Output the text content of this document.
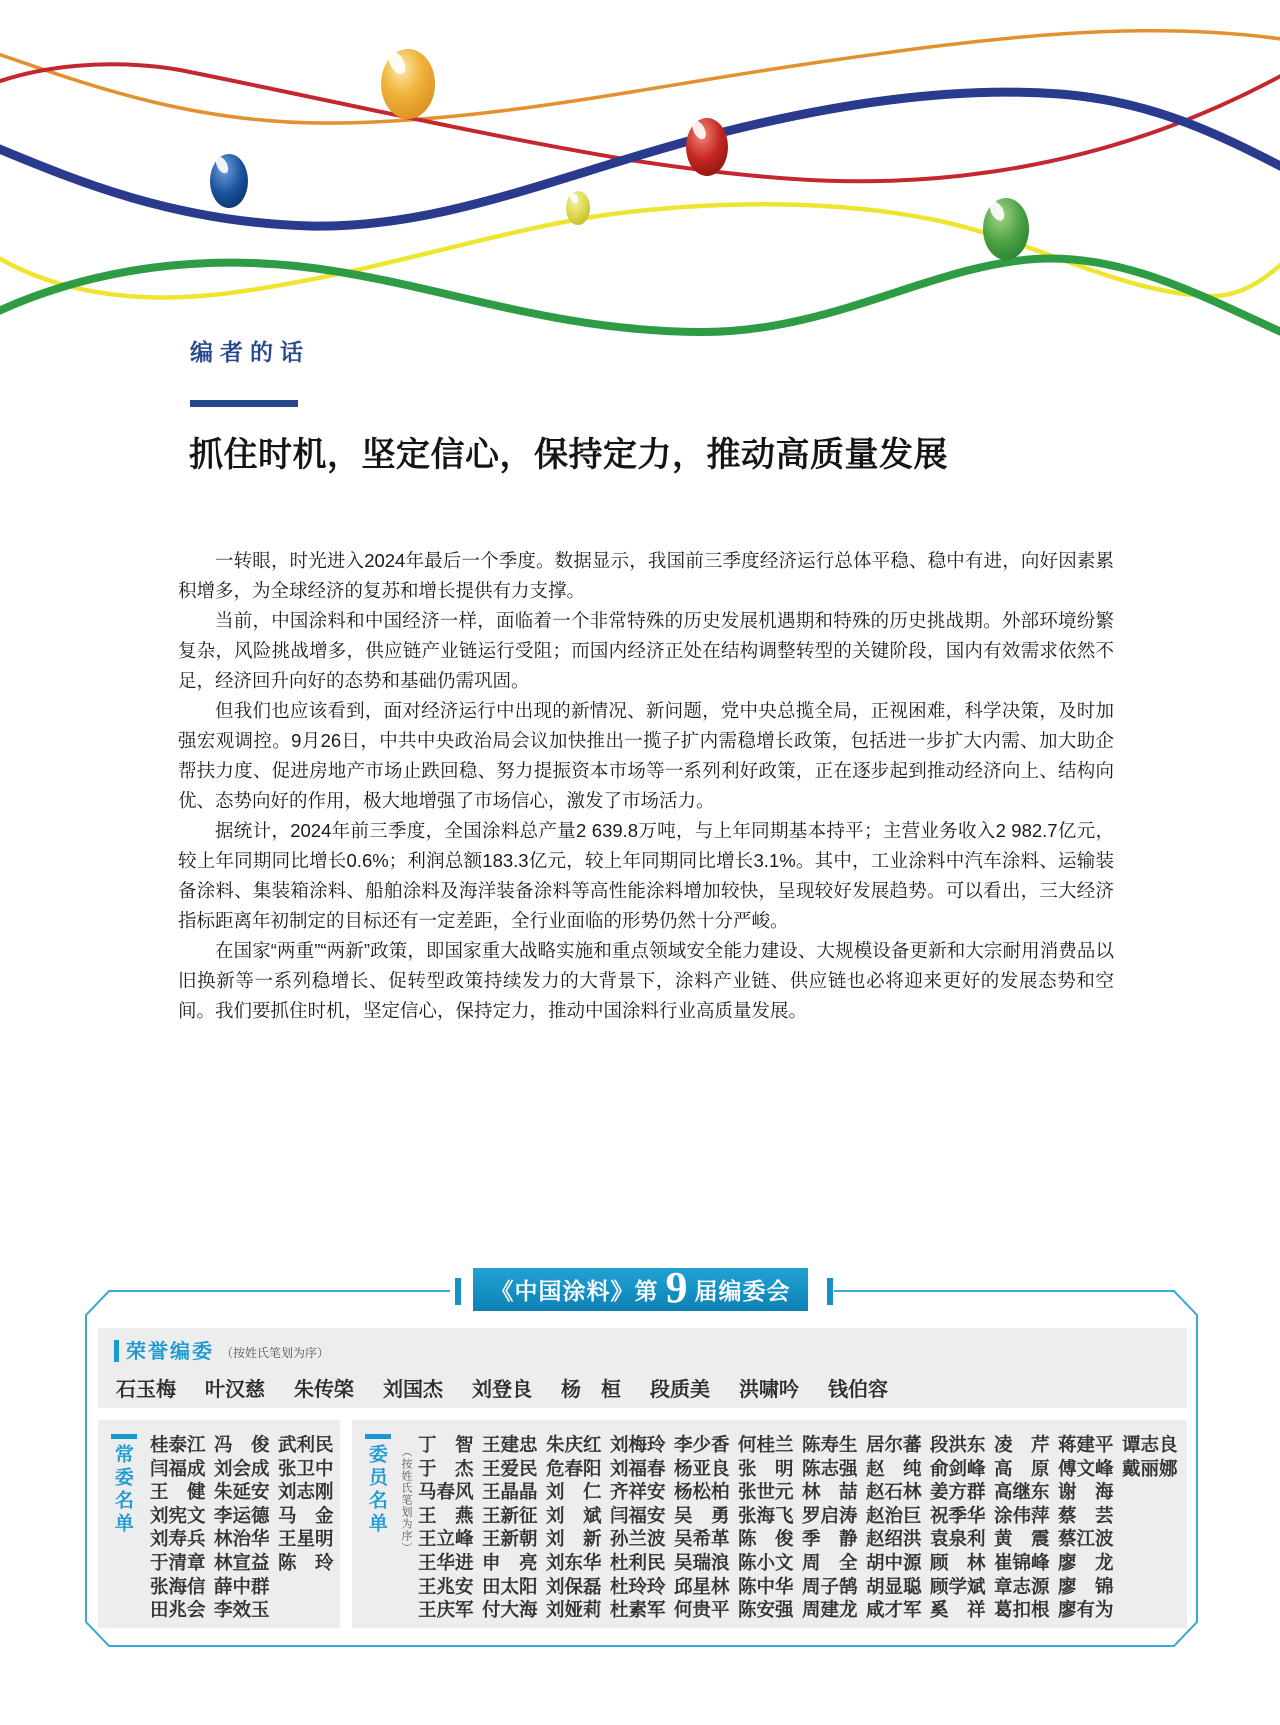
编者的话
抓住时机，坚定信心，保持定力，推动高质量发展

一转眼，时光进入2024年最后一个季度。数据显示，我国前三季度经济运行总体平稳、稳中有进，向好因素累积增多，为全球经济的复苏和增长提供有力支撑。

当前，中国涂料和中国经济一样，面临着一个非常特殊的历史发展机遇期和特殊的历史挑战期。外部环境纷繁复杂，风险挑战增多，供应链产业链运行受阻；而国内经济正处在结构调整转型的关键阶段，国内有效需求依然不足，经济回升向好的态势和基础仍需巩固。

但我们也应该看到，面对经济运行中出现的新情况、新问题，党中央总揽全局，正视困难，科学决策，及时加强宏观调控。9月26日，中共中央政治局会议加快推出一揽子扩内需稳增长政策，包括进一步扩大内需、加大助企帮扶力度、促进房地产市场止跌回稳、努力提振资本市场等一系列利好政策，正在逐步起到推动经济向上、结构向优、态势向好的作用，极大地增强了市场信心，激发了市场活力。

据统计，2024年前三季度，全国涂料总产量2 639.8万吨，与上年同期基本持平；主营业务收入2 982.7亿元，较上年同期同比增长0.6%；利润总额183.3亿元，较上年同期同比增长3.1%。其中，工业涂料中汽车涂料、运输装备涂料、集装箱涂料、船舶涂料及海洋装备涂料等高性能涂料增加较快，呈现较好发展趋势。可以看出，三大经济指标距离年初制定的目标还有一定差距，全行业面临的形势仍然十分严峻。

在国家“两重”“两新”政策，即国家重大战略实施和重点领域安全能力建设、大规模设备更新和大宗耐用消费品以旧换新等一系列稳增长、促转型政策持续发力的大背景下，涂料产业链、供应链也必将迎来更好的发展态势和空间。我们要抓住时机，坚定信心，保持定力，推动中国涂料行业高质量发展。

《中国涂料》第 9 届编委会
荣誉编委 （按姓氏笔划为序）
石玉梅 叶汉慈 朱传棨 刘国杰 刘登良 杨　桓 段质美 洪啸吟 钱伯容
常委名单 桂泰江
闫福成
王　健
刘宪文
刘寿兵
于清章
张海信
田兆会
冯　俊
刘会成
朱延安
李运德
林治华
林宣益
薛中群
李效玉
武利民
张卫中
刘志刚
马　金
王星明
陈　玲
委员名单 （按姓氏笔划为序） 丁　智
于　杰
马春风
王　燕
王立峰
王华进
王兆安
王庆军
王建忠
王爱民
王晶晶
王新征
王新朝
申　亮
田太阳
付大海
朱庆红
危春阳
刘　仁
刘　斌
刘　新
刘东华
刘保磊
刘娅莉
刘梅玲
刘福春
齐祥安
闫福安
孙兰波
杜利民
杜玲玲
杜素军
李少香
杨亚良
杨松柏
吴　勇
吴希革
吴瑞浪
邱星林
何贵平
何桂兰
张　明
张世元
张海飞
陈　俊
陈小文
陈中华
陈安强
陈寿生
陈志强
林　喆
罗启涛
季　静
周　全
周子鹄
周建龙
居尔蕃
赵　纯
赵石林
赵治巨
赵绍洪
胡中源
胡显聪
咸才军
段洪东
俞剑峰
姜方群
祝季华
袁泉利
顾　林
顾学斌
奚　祥
凌　芹
高　原
高继东
涂伟萍
黄　震
崔锦峰
章志源
葛扣根
蒋建平
傅文峰
谢　海
蔡　芸
蔡江波
廖　龙
廖　锦
廖有为
谭志良
戴丽娜
